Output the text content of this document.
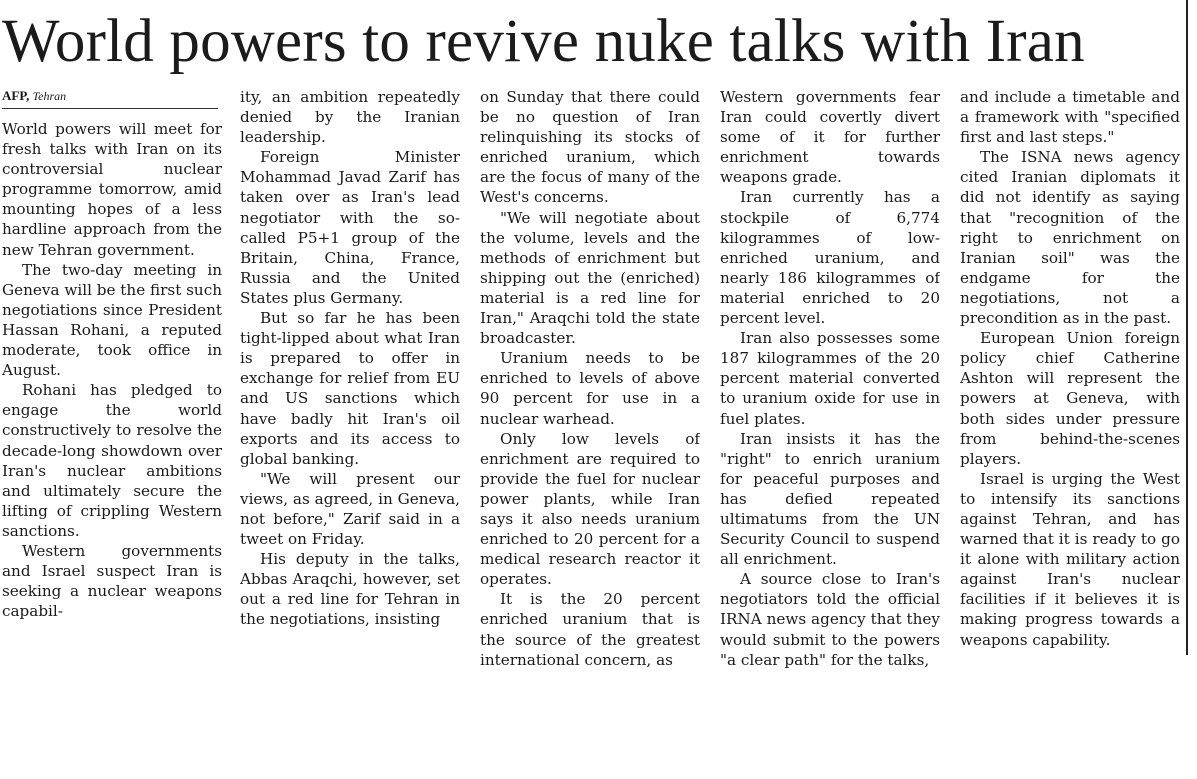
World powers to revive nuke talks with Iran
AFP, Tehran

World powers will meet for fresh talks with Iran on its controversial nuclear programme tomorrow, amid mounting hopes of a less hardline approach from the new Tehran government.

The two-day meeting in Geneva will be the first such negotiations since President Hassan Rohani, a reputed moderate, took office in August.

Rohani has pledged to engage the world constructively to resolve the decade-long showdown over Iran's nuclear ambitions and ultimately secure the lifting of crippling Western sanctions.

Western governments and Israel suspect Iran is seeking a nuclear weapons capabil-

ity, an ambition repeatedly denied by the Iranian leadership.

Foreign Minister Mohammad Javad Zarif has taken over as Iran's lead negotiator with the so-called P5+1 group of the Britain, China, France, Russia and the United States plus Germany.

But so far he has been tight-lipped about what Iran is prepared to offer in exchange for relief from EU and US sanctions which have badly hit Iran's oil exports and its access to global banking.

"We will present our views, as agreed, in Geneva, not before," Zarif said in a tweet on Friday.

His deputy in the talks, Abbas Araqchi, however, set out a red line for Tehran in the negotiations, insisting

on Sunday that there could be no question of Iran relinquishing its stocks of enriched uranium, which are the focus of many of the West's concerns.

"We will negotiate about the volume, levels and the methods of enrichment but shipping out the (enriched) material is a red line for Iran," Araqchi told the state broadcaster.

Uranium needs to be enriched to levels of above 90 percent for use in a nuclear warhead.

Only low levels of enrichment are required to provide the fuel for nuclear power plants, while Iran says it also needs uranium enriched to 20 percent for a medical research reactor it operates.

It is the 20 percent enriched uranium that is the source of the greatest international concern, as

Western governments fear Iran could covertly divert some of it for further enrichment towards weapons grade.

Iran currently has a stockpile of 6,774 kilogrammes of low-enriched uranium, and nearly 186 kilogrammes of material enriched to 20 percent level.

Iran also possesses some 187 kilogrammes of the 20 percent material converted to uranium oxide for use in fuel plates.

Iran insists it has the "right" to enrich uranium for peaceful purposes and has defied repeated ultimatums from the UN Security Council to suspend all enrichment.

A source close to Iran's negotiators told the official IRNA news agency that they would submit to the powers "a clear path" for the talks,

and include a timetable and a framework with "specified first and last steps."

The ISNA news agency cited Iranian diplomats it did not identify as saying that "recognition of the right to enrichment on Iranian soil" was the endgame for the negotiations, not a precondition as in the past.

European Union foreign policy chief Catherine Ashton will represent the powers at Geneva, with both sides under pressure from behind-the-scenes players.

Israel is urging the West to intensify its sanctions against Tehran, and has warned that it is ready to go it alone with military action against Iran's nuclear facilities if it believes it is making progress towards a weapons capability.
